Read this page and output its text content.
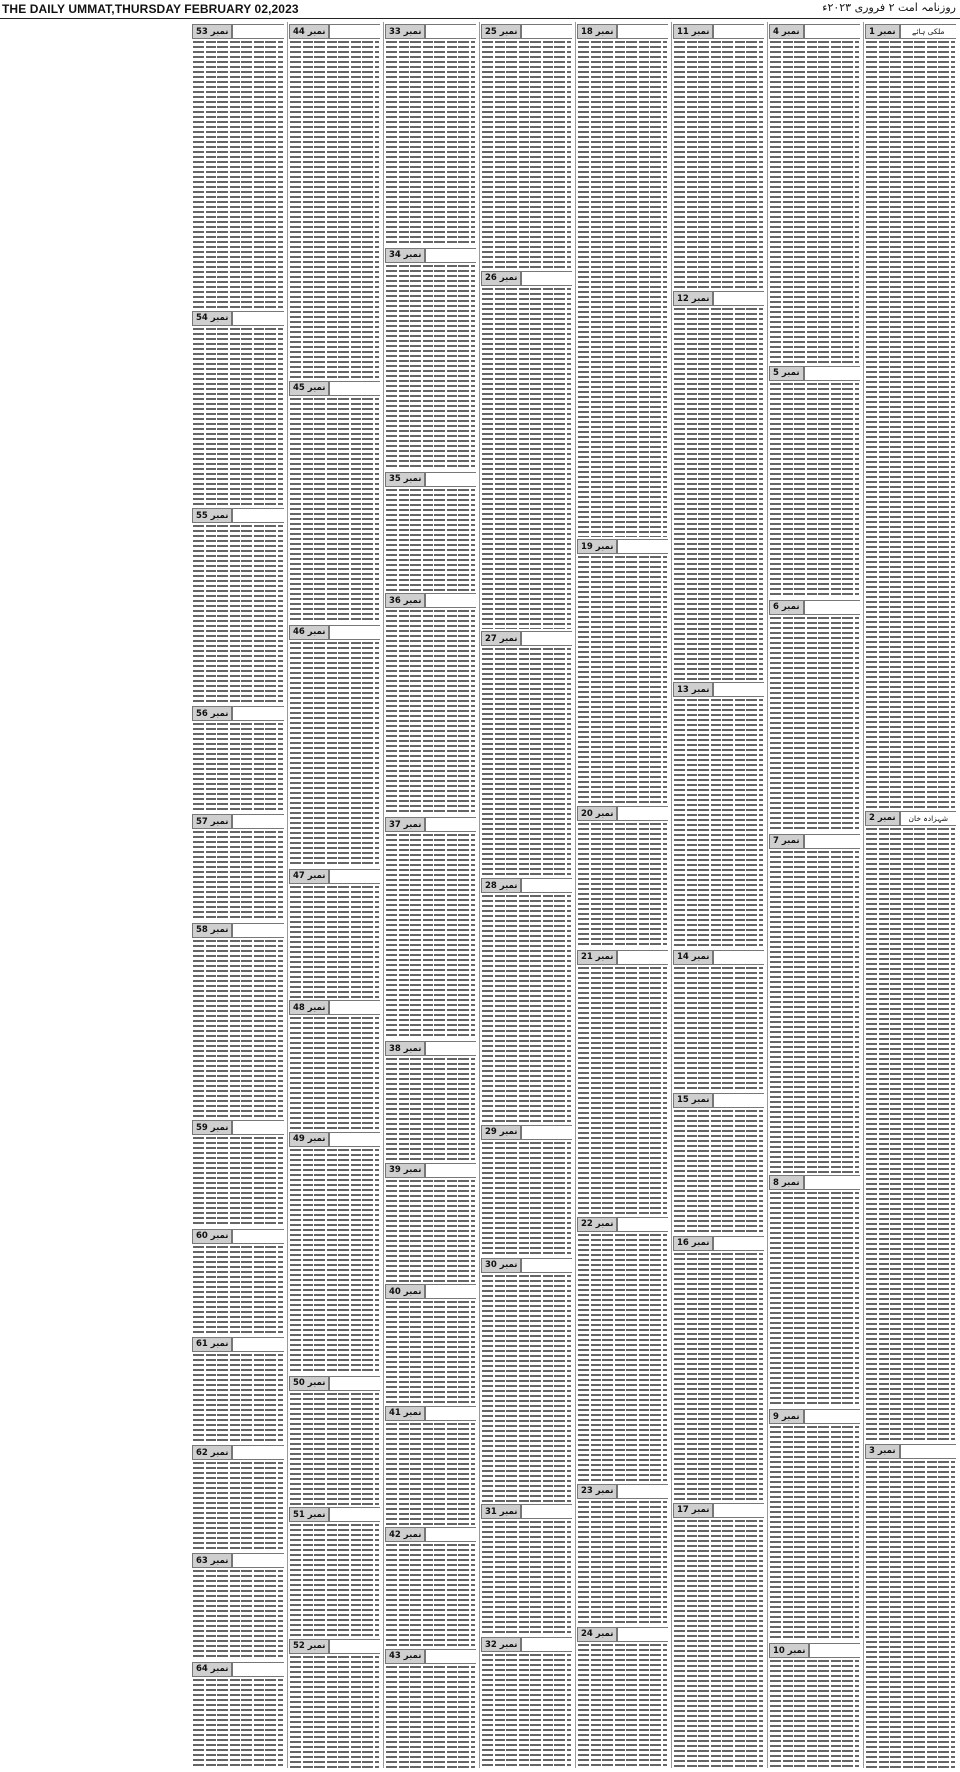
THE DAILY UMMAT,THURSDAY FEBRUARY 02,2023	روزنامہ امت ۲ فروری ۲۰۲۳ء
نمبر 1	ملکی ہائے
نمبر 2	شہزادہ خان
نمبر 3
نمبر 4
نمبر 5
نمبر 6
نمبر 7
نمبر 8
نمبر 9
نمبر 10
نمبر 11
نمبر 12
نمبر 13
نمبر 14
نمبر 15
نمبر 16
نمبر 17
نمبر 18
نمبر 19
نمبر 20
نمبر 21
نمبر 22
نمبر 23
نمبر 24
نمبر 25
نمبر 26
نمبر 27
نمبر 28
نمبر 29
نمبر 30
نمبر 31
نمبر 32
نمبر 33
نمبر 34
نمبر 35
نمبر 36
نمبر 37
نمبر 38
نمبر 39
نمبر 40
نمبر 41
نمبر 42
نمبر 43
نمبر 44
نمبر 45
نمبر 46
نمبر 47
نمبر 48
نمبر 49
نمبر 50
نمبر 51
نمبر 52
نمبر 53
نمبر 54
نمبر 55
نمبر 56
نمبر 57
نمبر 58
نمبر 59
نمبر 60
نمبر 61
نمبر 62
نمبر 63
نمبر 64
